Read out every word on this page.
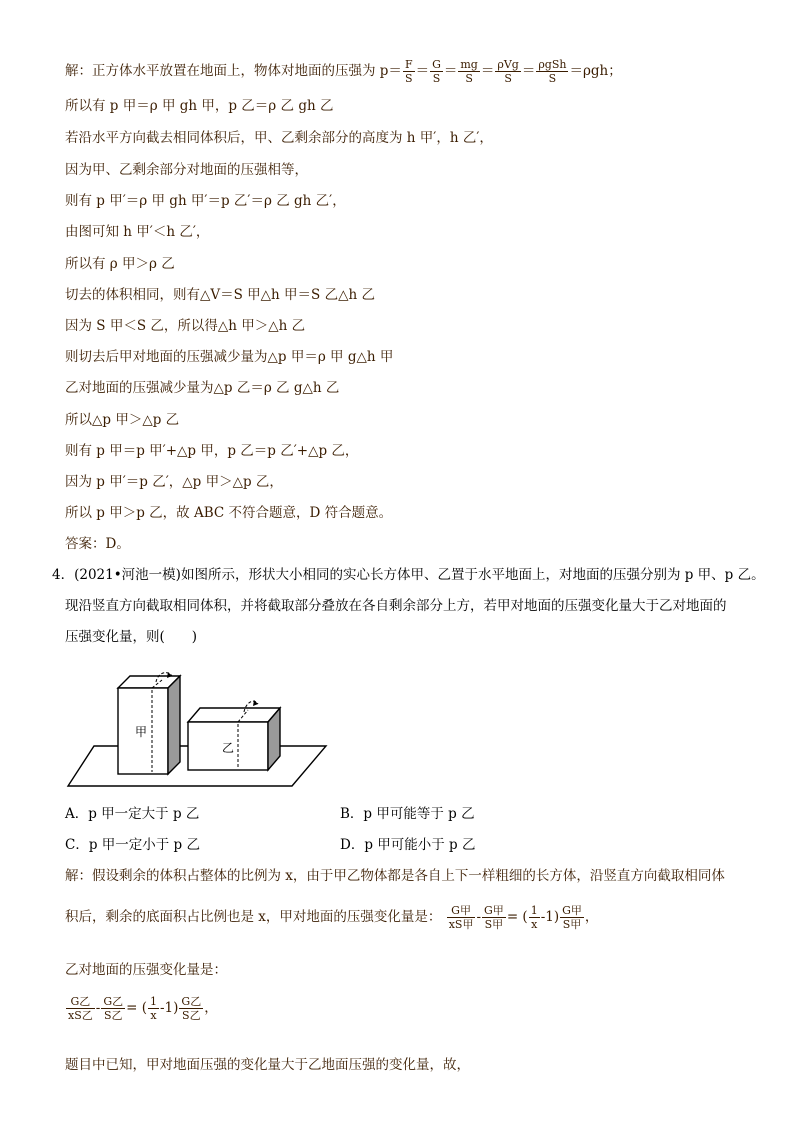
解：正方体水平放置在地面上，物体对地面的压强为 $p= \frac{F}{S} = \frac{G}{S} = \frac{mg}{S} = \frac{\text{ρVg}}{S} = \frac{\text{ρgSh}}{S} =\rho gh$；
所以有 p 甲＝ρ 甲 gh 甲，p 乙＝ρ 乙 gh 乙
若沿水平方向截去相同体积后，甲、乙剩余部分的高度为 h 甲′，h 乙′，
因为甲、乙剩余部分对地面的压强相等，
则有 p 甲′＝ρ 甲 gh 甲′＝p 乙′＝ρ 乙 gh 乙′，
由图可知 h 甲′＜h 乙′，
所以有 ρ 甲＞ρ 乙
切去的体积相同，则有△V＝S 甲△h 甲＝S 乙△h 乙
因为 S 甲＜S 乙，所以得△h 甲＞△h 乙
则切去后甲对地面的压强减少量为△p 甲＝ρ 甲 g△h 甲
乙对地面的压强减少量为△p 乙＝ρ 乙 g△h 乙
所以△p 甲＞△p 乙
则有 p 甲＝p 甲′+△p 甲，p 乙＝p 乙′+△p 乙，
因为 p 甲′＝p 乙′，△p 甲＞△p 乙，
所以 p 甲＞p 乙，故 ABC 不符合题意，D 符合题意。
答案：D。
4．(2021•河池一模)如图所示，形状大小相同的实心长方体甲、乙置于水平地面上，对地面的压强分别为 p 甲、p 乙。
现沿竖直方向截取相同体积，并将截取部分叠放在各自剩余部分上方，若甲对地面的压强变化量大于乙对地面的
压强变化量，则(　　)
甲
乙
A．p 甲一定大于 p 乙	B．p 甲可能等于 p 乙
C．p 甲一定小于 p 乙	D．p 甲可能小于 p 乙
解：假设剩余的体积占整体的比例为 x，由于甲乙物体都是各自上下一样粗细的长方体，沿竖直方向截取相同体
积后，剩余的底面积占比例也是 x，甲对地面的压强变化量是： $\frac{\text{G甲}}{\text{xS甲}} - \frac{\text{G甲}}{\text{S甲}}$ = ( $\frac{1}{x} -1) \frac{\text{G甲}}{\text{S甲}}$ ，
乙对地面的压强变化量是：
$\frac{\text{G乙}}{\text{xS乙}} - \frac{\text{G乙}}{\text{S乙}}$ = ( $\frac{1}{x} -1) \frac{\text{G乙}}{\text{S乙}}$ ，
题目中已知，甲对地面压强的变化量大于乙地面压强的变化量，故，
